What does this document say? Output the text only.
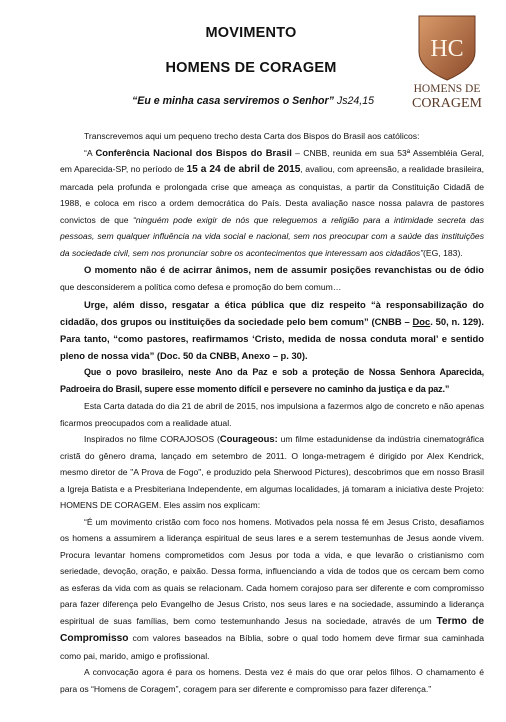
MOVIMENTO
HOMENS DE CORAGEM
“Eu e minha casa serviremos o Senhor” Js24,15
HC
HOMENS DE
CORAGEM

Transcrevemos aqui um pequeno trecho desta Carta dos Bispos do Brasil aos católicos:

“A Conferência Nacional dos Bispos do Brasil – CNBB, reunida em sua 53ª Assembléia Geral, em Aparecida-SP, no período de 15 a 24 de abril de 2015, avaliou, com apreensão, a realidade brasileira, marcada pela profunda e prolongada crise que ameaça as conquistas, a partir da Constituição Cidadã de 1988, e coloca em risco a ordem democrática do País. Desta avaliação nasce nossa palavra de pastores convictos de que “ninguém pode exigir de nós que releguemos a religião para a intimidade secreta das pessoas, sem qualquer influência na vida social e nacional, sem nos preocupar com a saúde das instituições da sociedade civil, sem nos pronunciar sobre os acontecimentos que interessam aos cidadãos”(EG, 183).

O momento não é de acirrar ânimos, nem de assumir posições revanchistas ou de ódio que desconsiderem a política como defesa e promoção do bem comum…

Urge, além disso, resgatar a ética pública que diz respeito “à responsabilização do cidadão, dos grupos ou instituições da sociedade pelo bem comum” (CNBB – Doc. 50, n. 129). Para tanto, “como pastores, reafirmamos ‘Cristo, medida de nossa conduta moral’ e sentido pleno de nossa vida” (Doc. 50 da CNBB, Anexo – p. 30).

Que o povo brasileiro, neste Ano da Paz e sob a proteção de Nossa Senhora Aparecida, Padroeira do Brasil, supere esse momento difícil e persevere no caminho da justiça e da paz.”

Esta Carta datada do dia 21 de abril de 2015, nos impulsiona a fazermos algo de concreto e não apenas ficarmos preocupados com a realidade atual.

Inspirados no filme CORAJOSOS (Courageous: um filme estadunidense da indústria cinematográfica cristã do gênero drama, lançado em setembro de 2011. O longa-metragem é dirigido por Alex Kendrick, mesmo diretor de "A Prova de Fogo", e produzido pela Sherwood Pictures), descobrimos que em nosso Brasil a Igreja Batista e a Presbiteriana Independente, em algumas localidades, já tomaram a iniciativa deste Projeto: HOMENS DE CORAGEM. Eles assim nos explicam:

“É um movimento cristão com foco nos homens. Motivados pela nossa fé em Jesus Cristo, desafiamos os homens a assumirem a liderança espiritual de seus lares e a serem testemunhas de Jesus aonde vivem. Procura levantar homens comprometidos com Jesus por toda a vida, e que levarão o cristianismo com seriedade, devoção, oração, e paixão. Dessa forma, influenciando a vida de todos que os cercam bem como as esferas da vida com as quais se relacionam. Cada homem corajoso para ser diferente e com compromisso para fazer diferença pelo Evangelho de Jesus Cristo, nos seus lares e na sociedade, assumindo a liderança espiritual de suas famílias, bem como testemunhando Jesus na sociedade, através de um Termo de Compromisso com valores baseados na Bíblia, sobre o qual todo homem deve firmar sua caminhada como pai, marido, amigo e profissional.

A convocação agora é para os homens. Desta vez é mais do que orar pelos filhos. O chamamento é para os “Homens de Coragem”, coragem para ser diferente e compromisso para fazer diferença.”
